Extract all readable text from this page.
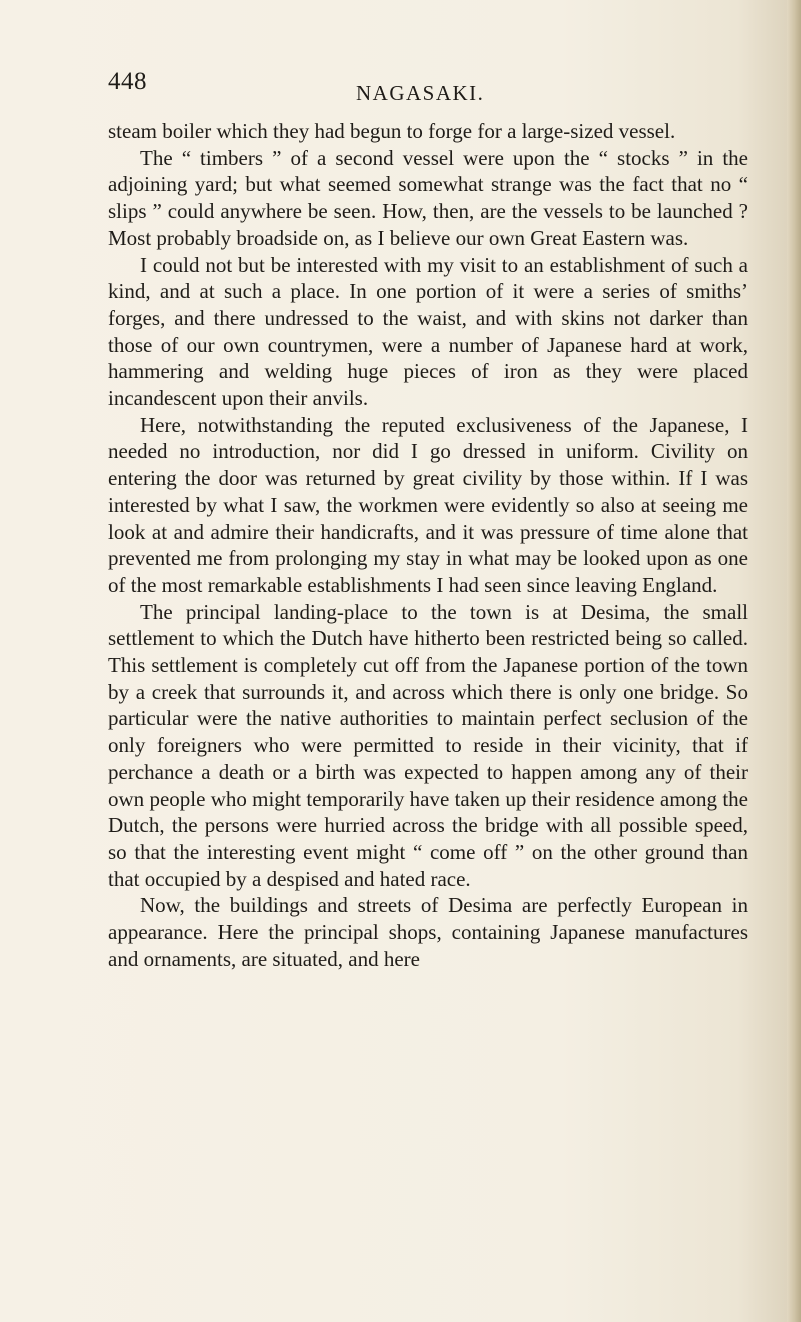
448	NAGASAKI.

steam boiler which they had begun to forge for a large-sized vessel.

The “ timbers ” of a second vessel were upon the “ stocks ” in the adjoining yard; but what seemed somewhat strange was the fact that no “ slips ” could anywhere be seen. How, then, are the vessels to be launched ? Most probably broadside on, as I believe our own Great Eastern was.

I could not but be interested with my visit to an establishment of such a kind, and at such a place. In one portion of it were a series of smiths’ forges, and there undressed to the waist, and with skins not darker than those of our own countrymen, were a number of Japanese hard at work, hammering and welding huge pieces of iron as they were placed incandescent upon their anvils.

Here, notwithstanding the reputed exclusiveness of the Japanese, I needed no introduction, nor did I go dressed in uniform. Civility on entering the door was returned by great civility by those within. If I was interested by what I saw, the workmen were evidently so also at seeing me look at and admire their handicrafts, and it was pressure of time alone that prevented me from prolonging my stay in what may be looked upon as one of the most remarkable establishments I had seen since leaving England.

The principal landing-place to the town is at Desima, the small settlement to which the Dutch have hitherto been restricted being so called. This settlement is completely cut off from the Japanese portion of the town by a creek that surrounds it, and across which there is only one bridge. So particular were the native authorities to maintain perfect seclusion of the only foreigners who were permitted to reside in their vicinity, that if perchance a death or a birth was expected to happen among any of their own people who might temporarily have taken up their residence among the Dutch, the persons were hurried across the bridge with all possible speed, so that the interesting event might “ come off ” on the other ground than that occupied by a despised and hated race.

Now, the buildings and streets of Desima are perfectly European in appearance. Here the principal shops, containing Japanese manufactures and ornaments, are situated, and here
